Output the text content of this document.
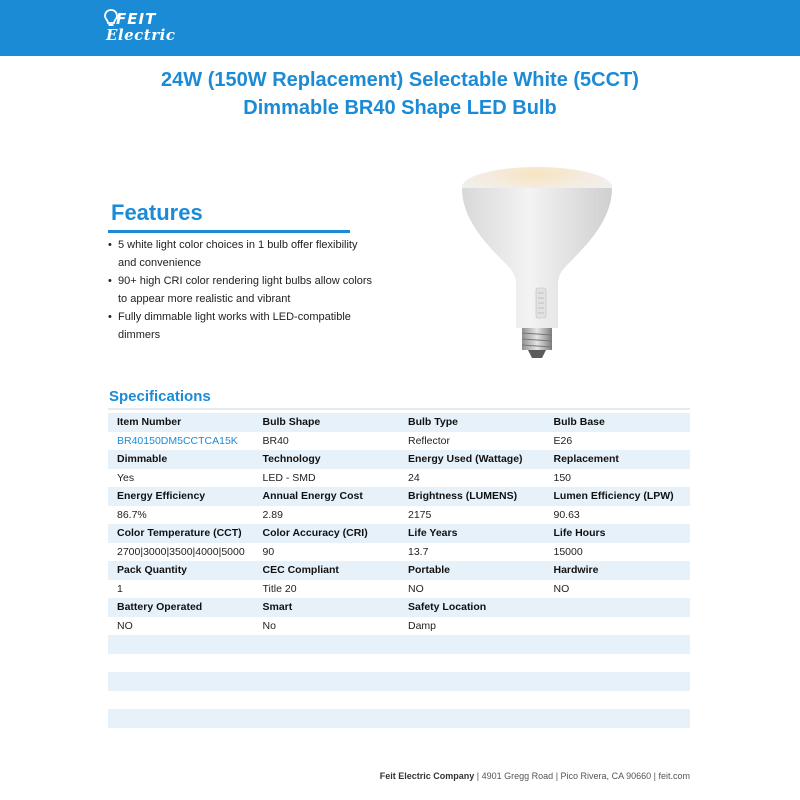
FEIT
Electric
24W (150W Replacement) Selectable White (5CCT)
Dimmable BR40 Shape LED Bulb
Features
• 5 white light color choices in 1 bulb offer flexibility and convenience
• 90+ high CRI color rendering light bulbs allow colors to appear more realistic and vibrant
• Fully dimmable light works with LED-compatible dimmers
Specifications
Item Number	Bulb Shape	Bulb Type	Bulb Base
BR40150DM5CCTCA15K	BR40	Reflector	E26
Dimmable	Technology	Energy Used (Wattage)	Replacement
Yes	LED - SMD	24	150
Energy Efficiency	Annual Energy Cost	Brightness (LUMENS)	Lumen Efficiency (LPW)
86.7%	2.89	2175	90.63
Color Temperature (CCT)	Color Accuracy (CRI)	Life Years	Life Hours
2700|3000|3500|4000|5000	90	13.7	15000
Pack Quantity	CEC Compliant	Portable	Hardwire
1	Title 20	NO	NO
Battery Operated	Smart	Safety Location	
NO	No	Damp	

Feit Electric Company | 4901 Gregg Road | Pico Rivera, CA 90660 | feit.com
